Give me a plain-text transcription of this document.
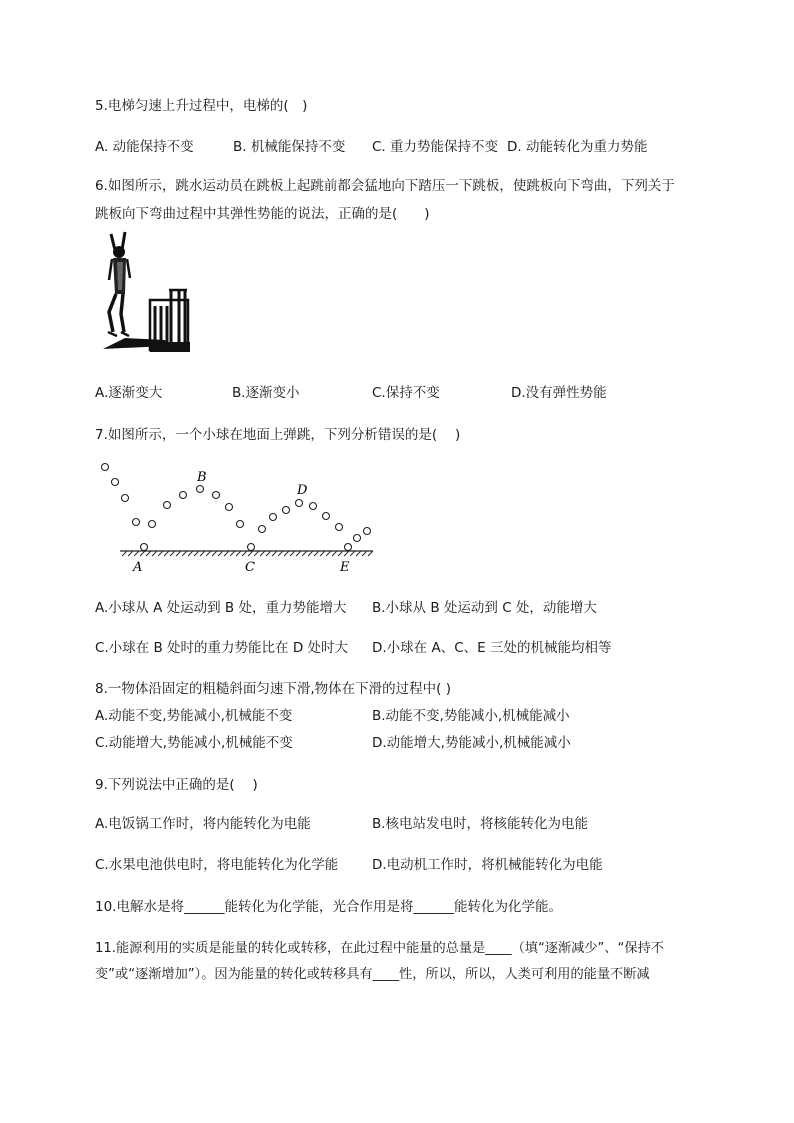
5.电梯匀速上升过程中，电梯的(　)
A. 动能保持不变	B. 机械能保持不变 C. 重力势能保持不变 D. 动能转化为重力势能
6.如图所示，跳水运动员在跳板上起跳前都会猛地向下踏压一下跳板，使跳板向下弯曲，下列关于
跳板向下弯曲过程中其弹性势能的说法，正确的是(　　)
A.逐渐变大	B.逐渐变小	C.保持不变	D.没有弹性势能
7.如图所示，一个小球在地面上弹跳，下列分析错误的是(　 )
B
D
A	C	E
A.小球从 A 处运动到 B 处，重力势能增大 B.小球从 B 处运动到 C 处，动能增大
C.小球在 B 处时的重力势能比在 D 处时大 D.小球在 A、C、E 三处的机械能均相等
8.一物体沿固定的粗糙斜面匀速下滑,物体在下滑的过程中( )
A.动能不变,势能减小,机械能不变	B.动能不变,势能减小,机械能减小
C.动能增大,势能减小,机械能不变	D.动能增大,势能减小,机械能减小
9.下列说法中正确的是(　 )
A.电饭锅工作时，将内能转化为电能	B.核电站发电时，将核能转化为电能
C.水果电池供电时，将电能转化为化学能	D.电动机工作时，将机械能转化为电能
10.电解水是将______能转化为化学能，光合作用是将______能转化为化学能。
11.能源利用的实质是能量的转化或转移，在此过程中能量的总量是____（填“逐渐减少”、“保持不
变”或“逐渐增加”）。因为能量的转化或转移具有____性，所以，所以，人类可利用的能量不断减
